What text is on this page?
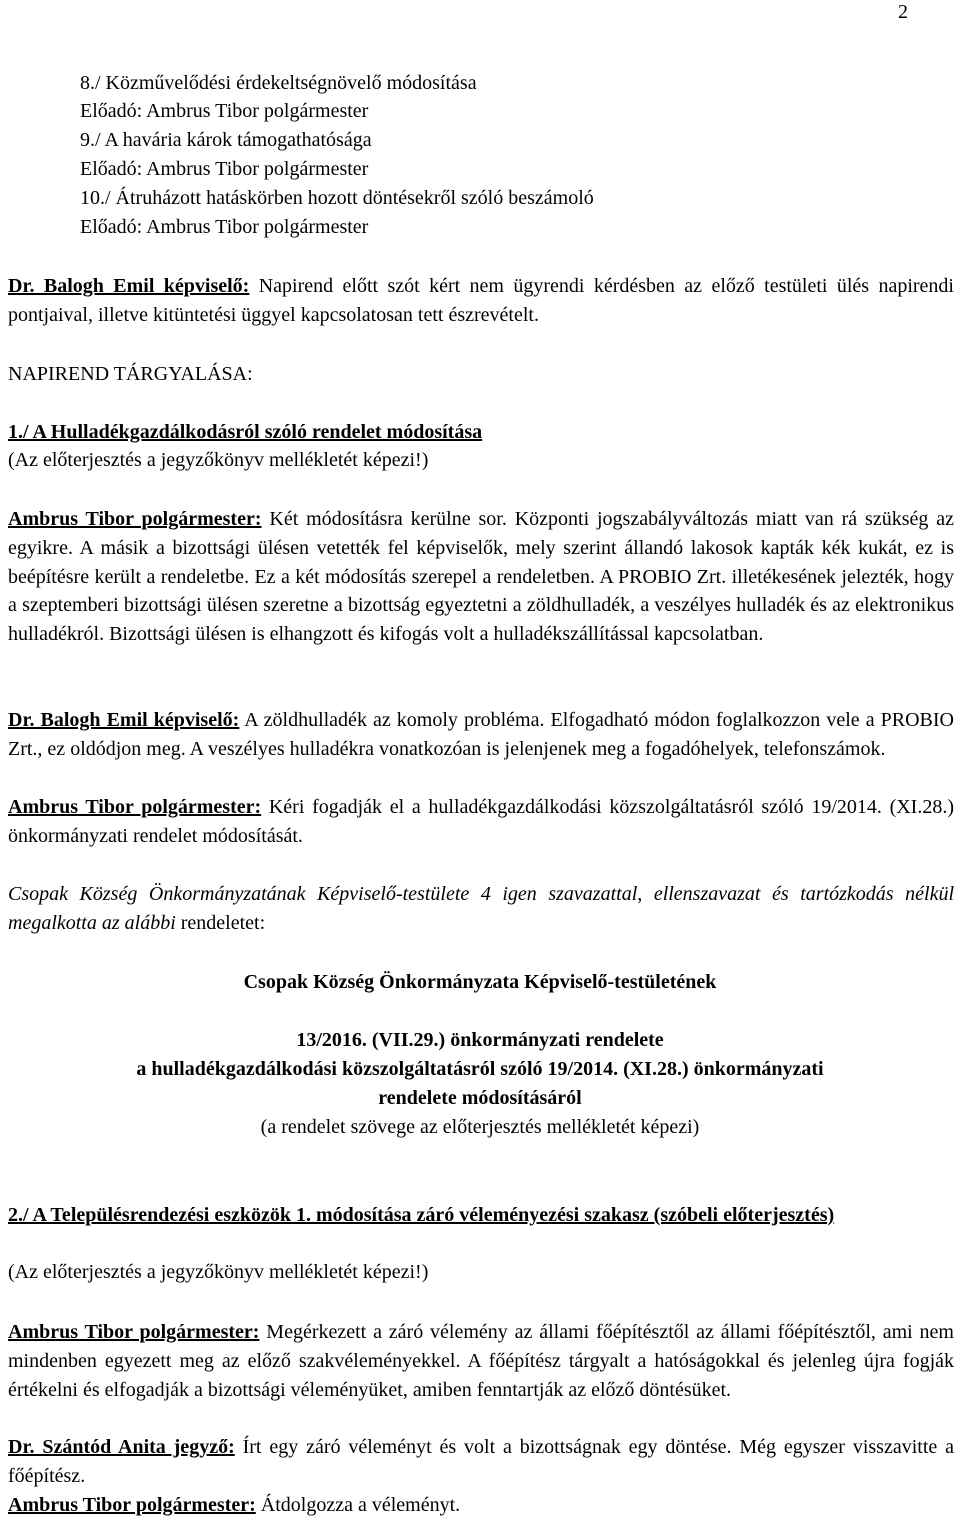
2
8./ Közművelődési érdekeltségnövelő módosítása
Előadó: Ambrus Tibor polgármester
9./ A havária károk támogathatósága
Előadó: Ambrus Tibor polgármester
10./ Átruházott hatáskörben hozott döntésekről szóló beszámoló
Előadó: Ambrus Tibor polgármester
Dr. Balogh Emil képviselő: Napirend előtt szót kért nem ügyrendi kérdésben az előző testületi ülés napirendi pontjaival, illetve kitüntetési üggyel kapcsolatosan tett észrevételt.
NAPIREND TÁRGYALÁSA:
1./ A Hulladékgazdálkodásról szóló rendelet módosítása
(Az előterjesztés a jegyzőkönyv mellékletét képezi!)
Ambrus Tibor polgármester: Két módosításra kerülne sor. Központi jogszabályváltozás miatt van rá szükség az egyikre. A másik a bizottsági ülésen vetették fel képviselők, mely szerint állandó lakosok kapták kék kukát, ez is beépítésre került a rendeletbe. Ez a két módosítás szerepel a rendeletben. A PROBIO Zrt. illetékesének jelezték, hogy a szeptemberi bizottsági ülésen szeretne a bizottság egyeztetni a zöldhulladék, a veszélyes hulladék és az elektronikus hulladékról. Bizottsági ülésen is elhangzott és kifogás volt a hulladékszállítással kapcsolatban.
Dr. Balogh Emil képviselő: A zöldhulladék az komoly probléma. Elfogadható módon foglalkozzon vele a PROBIO Zrt., ez oldódjon meg. A veszélyes hulladékra vonatkozóan is jelenjenek meg a fogadóhelyek, telefonszámok.
Ambrus Tibor polgármester: Kéri fogadják el a hulladékgazdálkodási közszolgáltatásról szóló 19/2014. (XI.28.) önkormányzati rendelet módosítását.
Csopak Község Önkormányzatának Képviselő-testülete 4 igen szavazattal, ellenszavazat és tartózkodás nélkül megalkotta az alábbi rendeletet:
Csopak Község Önkormányzata Képviselő-testületének
13/2016. (VII.29.) önkormányzati rendelete
a hulladékgazdálkodási közszolgáltatásról szóló 19/2014. (XI.28.) önkormányzati
rendelete módosításáról
(a rendelet szövege az előterjesztés mellékletét képezi)
2./ A Településrendezési eszközök 1. módosítása záró véleményezési szakasz (szóbeli előterjesztés)
(Az előterjesztés a jegyzőkönyv mellékletét képezi!)
Ambrus Tibor polgármester: Megérkezett a záró vélemény az állami főépítésztől az állami főépítésztől, ami nem mindenben egyezett meg az előző szakvéleményekkel. A főépítész tárgyalt a hatóságokkal és jelenleg újra fogják értékelni és elfogadják a bizottsági véleményüket, amiben fenntartják az előző döntésüket.
Dr. Szántód Anita jegyző: Írt egy záró véleményt és volt a bizottságnak egy döntése. Még egyszer visszavitte a főépítész.
Ambrus Tibor polgármester: Átdolgozza a véleményt.
